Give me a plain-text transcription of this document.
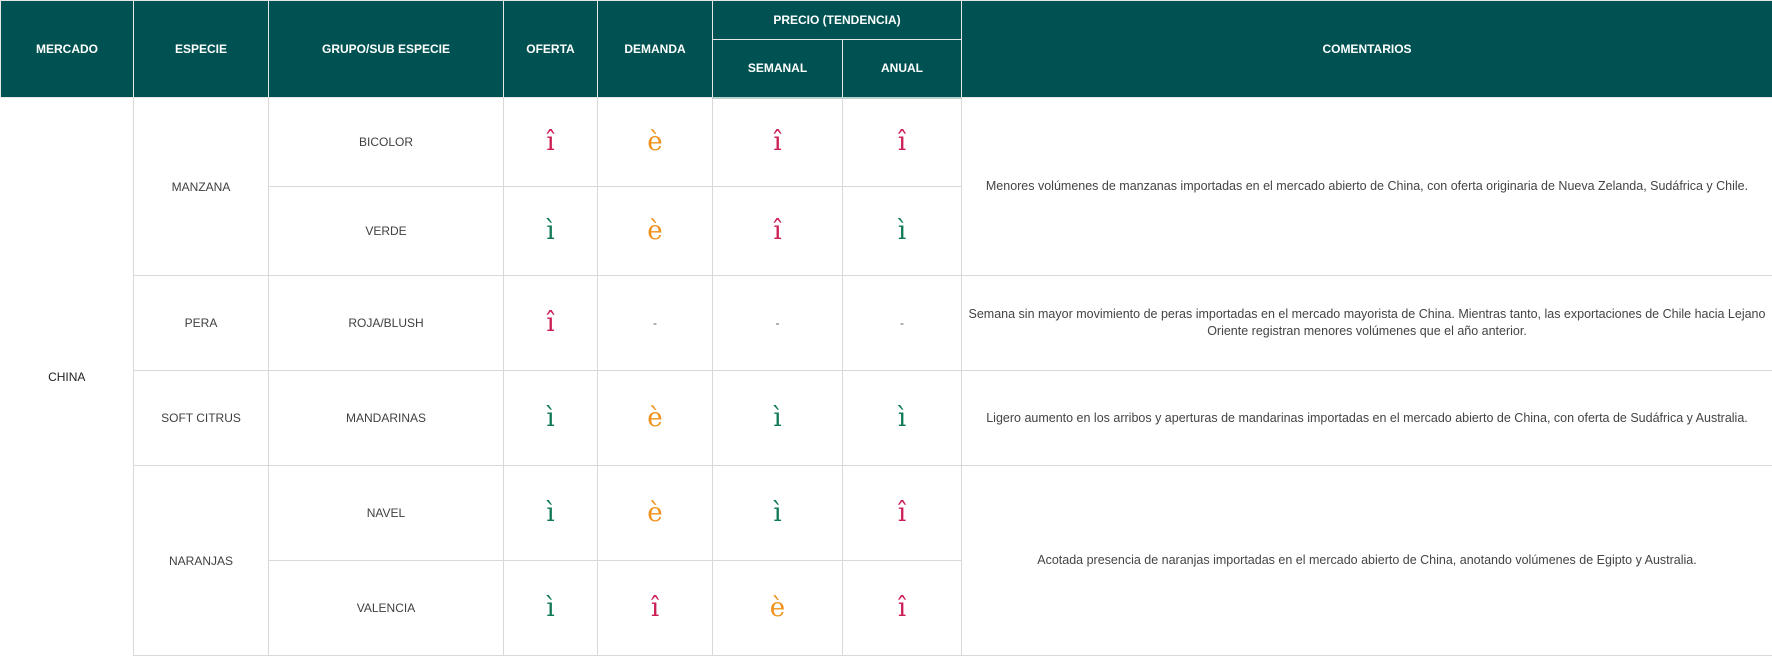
MERCADO	ESPECIE	GRUPO/SUB ESPECIE	OFERTA	DEMANDA	PRECIO (TENDENCIA)		COMENTARIOS
					SEMANAL	ANUAL	
CHINA	MANZANA	BICOLOR	î	è	î	î	Menores volúmenes de manzanas importadas en el mercado abierto de China, con oferta originaria de Nueva Zelanda, Sudáfrica y Chile.
		VERDE	ì	è	î	ì	
	PERA	ROJA/BLUSH	î	-	-	-	Semana sin mayor movimiento de peras importadas en el mercado mayorista de China. Mientras tanto, las exportaciones de Chile hacia Lejano Oriente registran menores volúmenes que el año anterior.
	SOFT CITRUS	MANDARINAS	ì	è	ì	ì	Ligero aumento en los arribos y aperturas de mandarinas importadas en el mercado abierto de China, con oferta de Sudáfrica y Australia.
	NARANJAS	NAVEL	ì	è	ì	î	Acotada presencia de naranjas importadas en el mercado abierto de China, anotando volúmenes de Egipto y Australia.
		VALENCIA	ì	î	è	î	
